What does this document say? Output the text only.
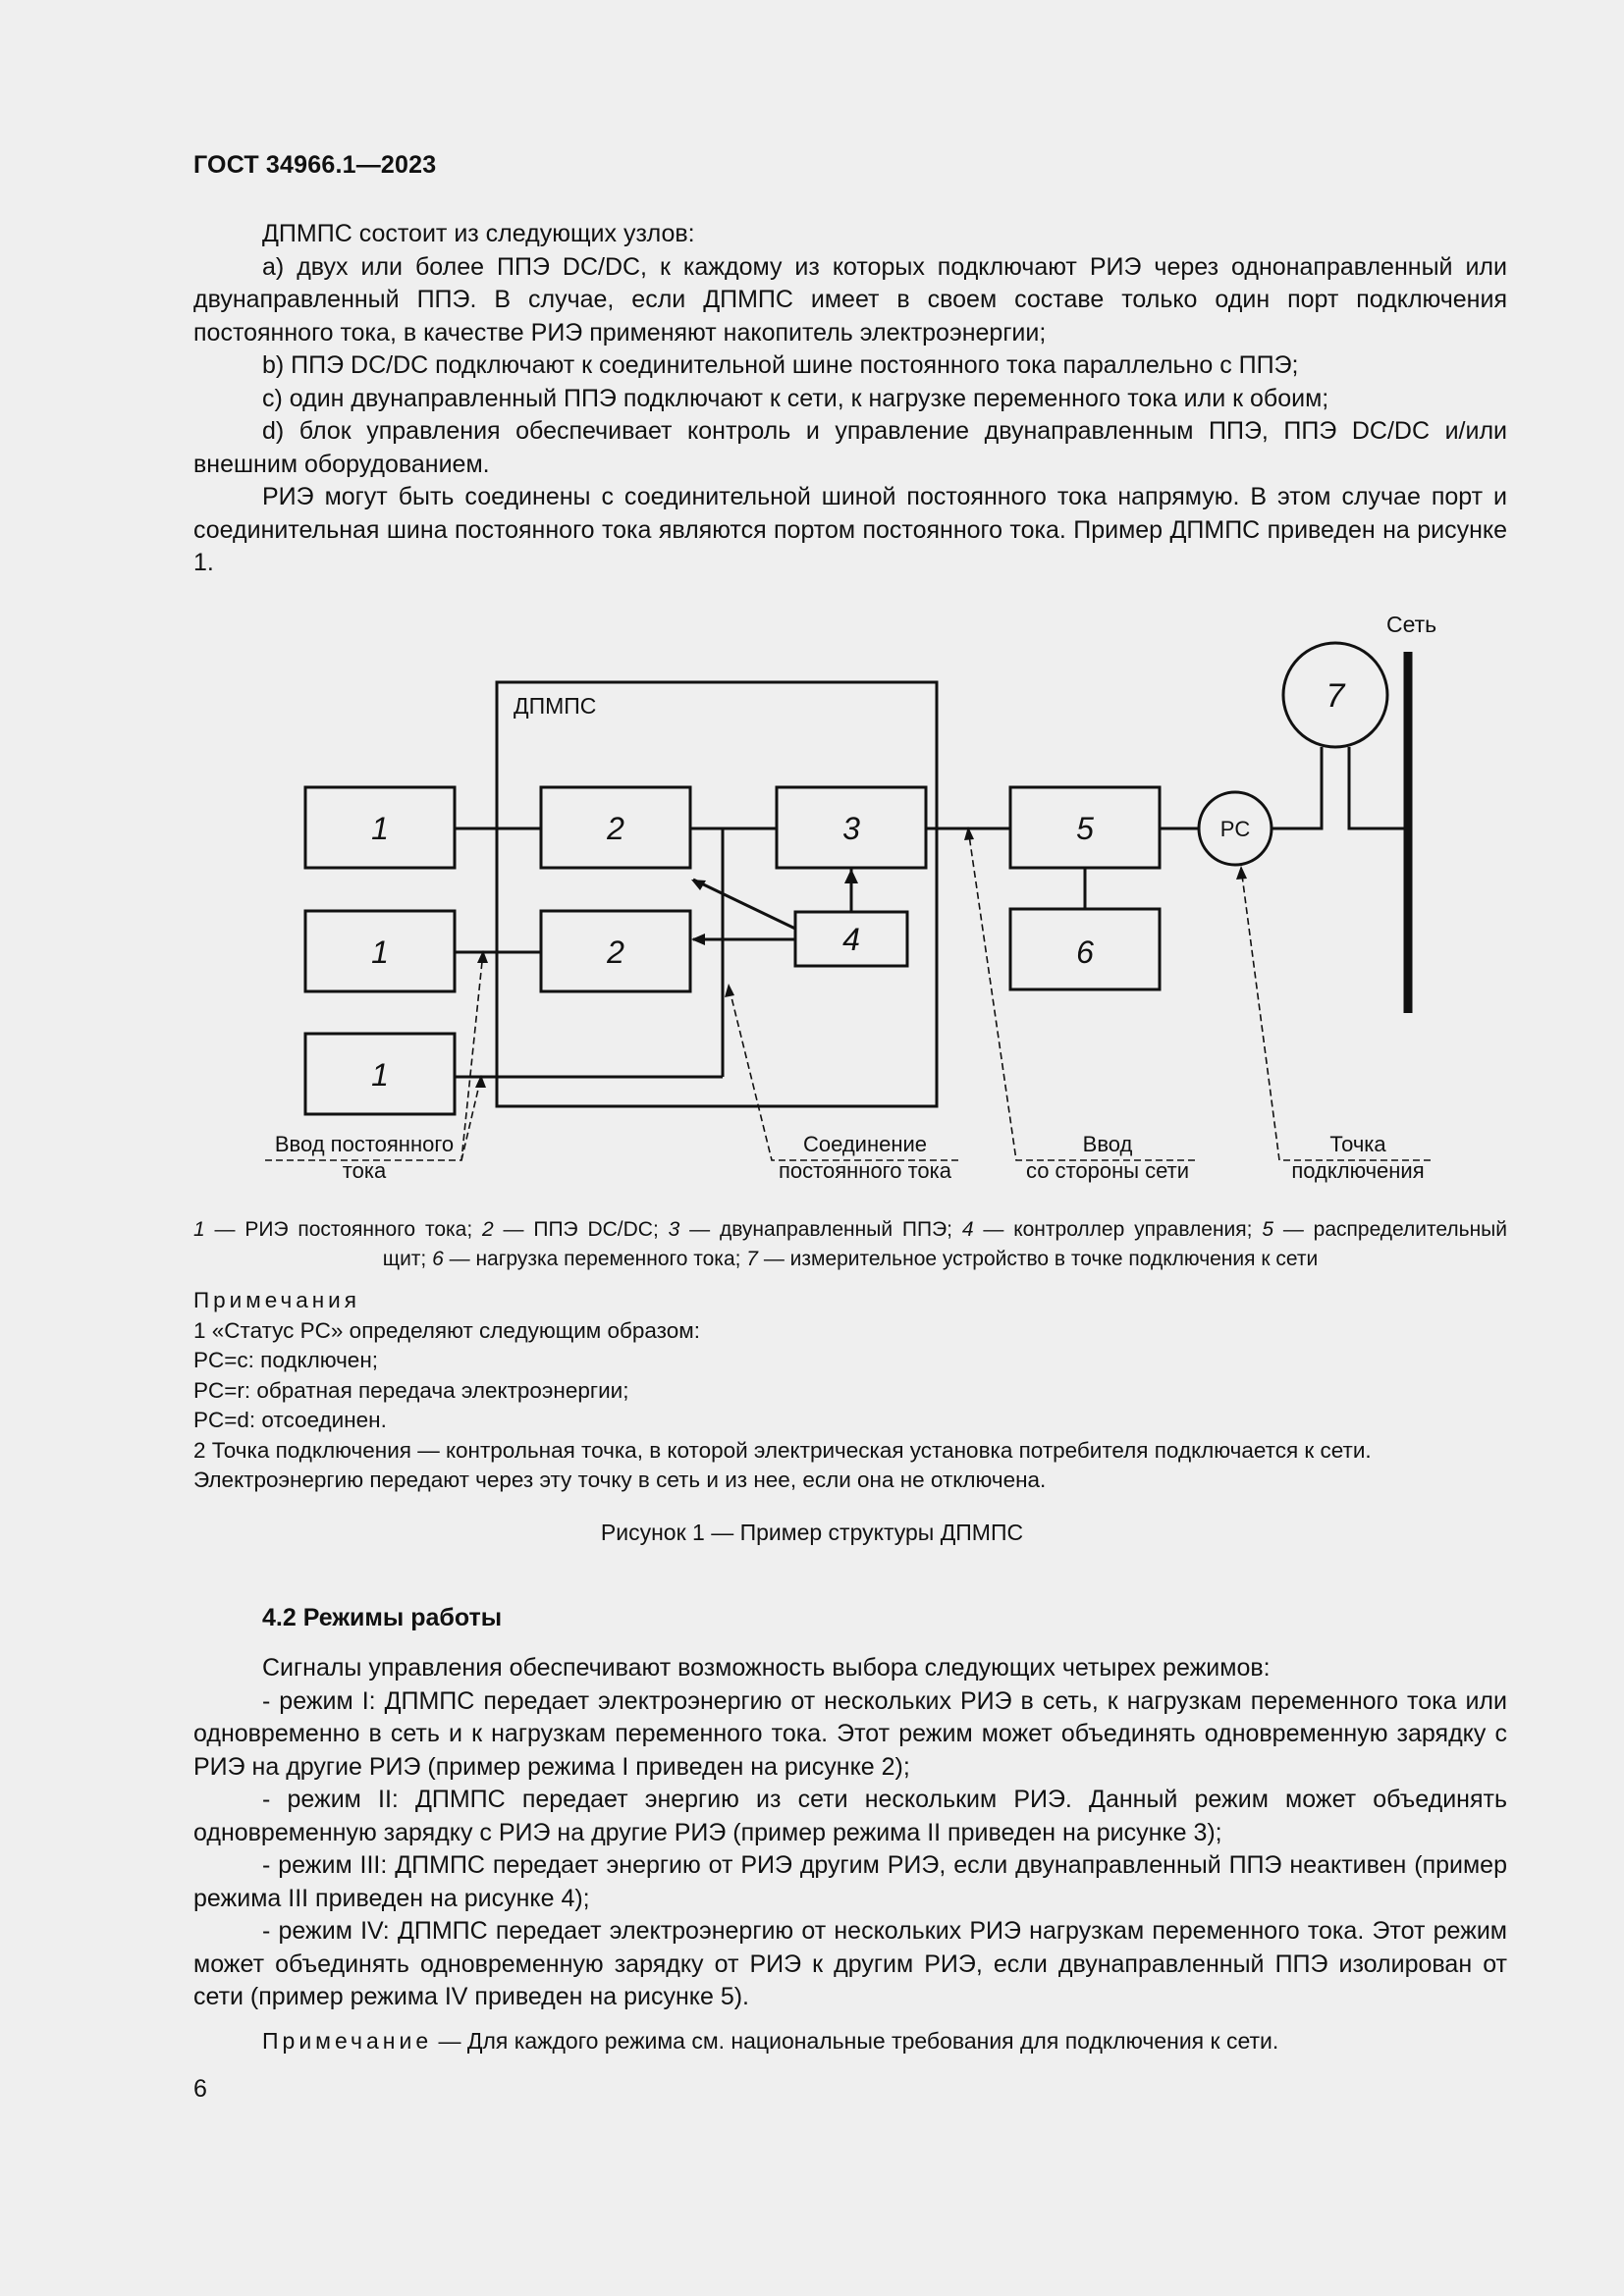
ГОСТ 34966.1—2023

ДПМПС состоит из следующих узлов:

a) двух или более ППЭ DC/DC, к каждому из которых подключают РИЭ через однонаправленный или двунаправленный ППЭ. В случае, если ДПМПС имеет в своем составе только один порт подключения постоянного тока, в качестве РИЭ применяют накопитель электроэнергии;

b) ППЭ DC/DC подключают к соединительной шине постоянного тока параллельно с ППЭ;

c) один двунаправленный ППЭ подключают к сети, к нагрузке переменного тока или к обоим;

d) блок управления обеспечивает контроль и управление двунаправленным ППЭ, ППЭ DC/DC и/или внешним оборудованием.

РИЭ могут быть соединены с соединительной шиной постоянного тока напрямую. В этом случае порт и соединительная шина постоянного тока являются портом постоянного тока. Пример ДПМПС приведен на рисунке 1.

Сеть
ДПМПС
1
1
1
2
2
3
4
5
6
7
PC
Ввод постоянного
тока
Соединение
постоянного тока
Ввод
со стороны сети
Точка
подключения

1 — РИЭ постоянного тока; 2 — ППЭ DC/DC; 3 — двунаправленный ППЭ; 4 — контроллер управления; 5 — распределительный

щит; 6 — нагрузка переменного тока; 7 — измерительное устройство в точке подключения к сети

Примечания

1 «Статус PC» определяют следующим образом:

PC=c: подключен;

PC=r: обратная передача электроэнергии;

PC=d: отсоединен.

2 Точка подключения — контрольная точка, в которой электрическая установка потребителя подключается к сети. Электроэнергию передают через эту точку в сеть и из нее, если она не отключена.

Рисунок 1 — Пример структуры ДПМПС
4.2 Режимы работы

Сигналы управления обеспечивают возможность выбора следующих четырех режимов:

- режим I: ДПМПС передает электроэнергию от нескольких РИЭ в сеть, к нагрузкам переменного тока или одновременно в сеть и к нагрузкам переменного тока. Этот режим может объединять одновременную зарядку с РИЭ на другие РИЭ (пример режима I приведен на рисунке 2);

- режим II: ДПМПС передает энергию из сети нескольким РИЭ. Данный режим может объединять одновременную зарядку с РИЭ на другие РИЭ (пример режима II приведен на рисунке 3);

- режим III: ДПМПС передает энергию от РИЭ другим РИЭ, если двунаправленный ППЭ неактивен (пример режима III приведен на рисунке 4);

- режим IV: ДПМПС передает электроэнергию от нескольких РИЭ нагрузкам переменного тока. Этот режим может объединять одновременную зарядку от РИЭ к другим РИЭ, если двунаправленный ППЭ изолирован от сети (пример режима IV приведен на рисунке 5).

Примечание — Для каждого режима см. национальные требования для подключения к сети.
6
